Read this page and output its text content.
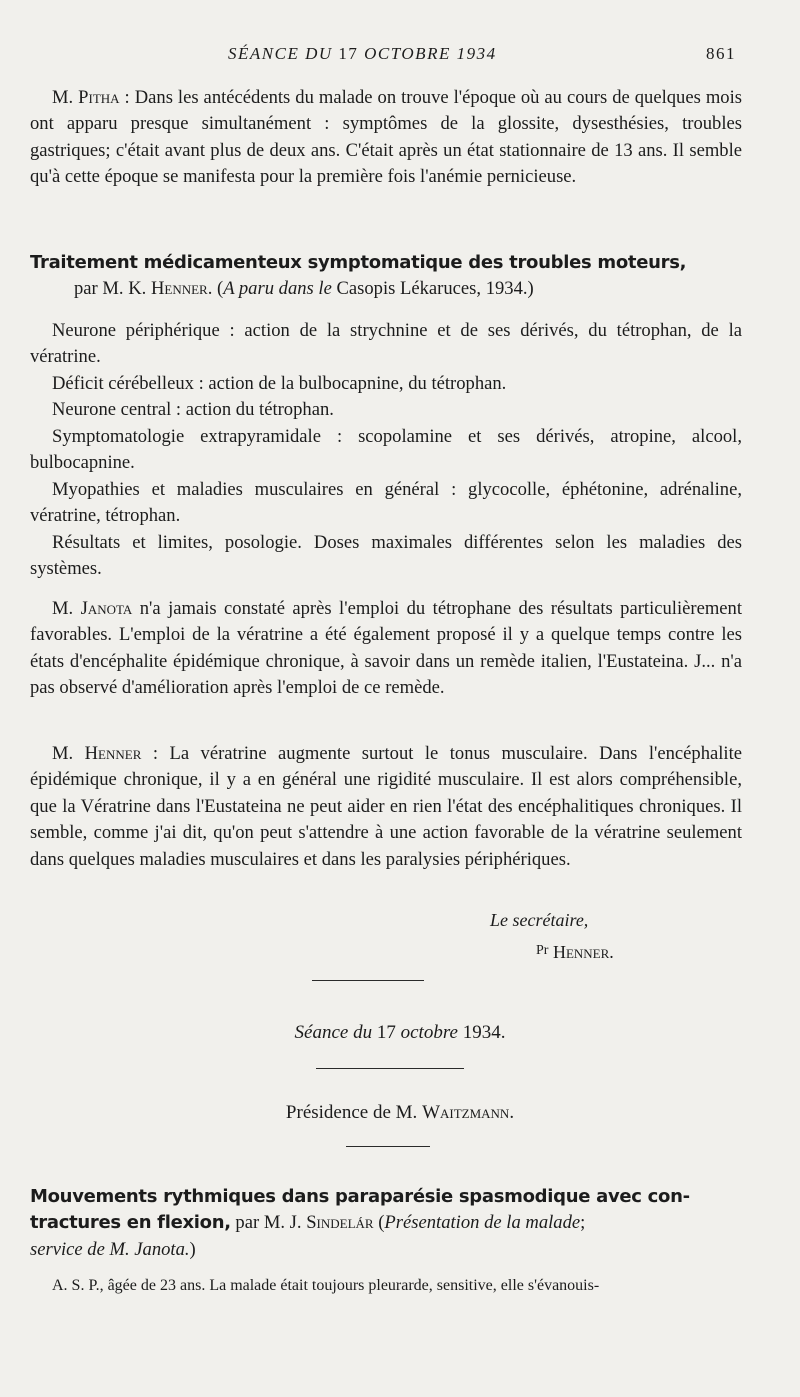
SÉANCE DU 17 OCTOBRE 1934	861

M. Pitha : Dans les antécédents du malade on trouve l'époque où au cours de quelques mois ont apparu presque simultanément : symptômes de la glossite, dysesthésies, troubles gastriques; c'était avant plus de deux ans. C'était après un état stationnaire de 13 ans. Il semble qu'à cette époque se manifesta pour la première fois l'anémie pernicieuse.

Traitement médicamenteux symptomatique des troubles moteurs,
par M. K. Henner. (A paru dans le Casopis Lékaruces, 1934.)

Neurone périphérique : action de la strychnine et de ses dérivés, du tétrophan, de la vératrine.

Déficit cérébelleux : action de la bulbocapnine, du tétrophan.

Neurone central : action du tétrophan.

Symptomatologie extrapyramidale : scopolamine et ses dérivés, atropine, alcool, bulbocapnine.

Myopathies et maladies musculaires en général : glycocolle, éphétonine, adrénaline, vératrine, tétrophan.

Résultats et limites, posologie. Doses maximales différentes selon les maladies des systèmes.

M. Janota n'a jamais constaté après l'emploi du tétrophane des résultats particulièrement favorables. L'emploi de la vératrine a été également proposé il y a quelque temps contre les états d'encéphalite épidémique chronique, à savoir dans un remède italien, l'Eustateina. J... n'a pas observé d'amélioration après l'emploi de ce remède.

M. Henner : La vératrine augmente surtout le tonus musculaire. Dans l'encéphalite épidémique chronique, il y a en général une rigidité musculaire. Il est alors compréhensible, que la Vératrine dans l'Eustateina ne peut aider en rien l'état des encéphalitiques chroniques. Il semble, comme j'ai dit, qu'on peut s'attendre à une action favorable de la vératrine seulement dans quelques maladies musculaires et dans les paralysies périphériques.

Le secrétaire,
$^{Pr}$ Henner.
Séance du 17 octobre 1934.
Présidence de M. Waitzmann.
Mouvements rythmiques dans paraparésie spasmodique avec con-
tractures en flexion, par M. J. Sindelár (Présentation de la malade;
service de M. Janota.)

A. S. P., âgée de 23 ans. La malade était toujours pleurarde, sensitive, elle s'évanouis-
